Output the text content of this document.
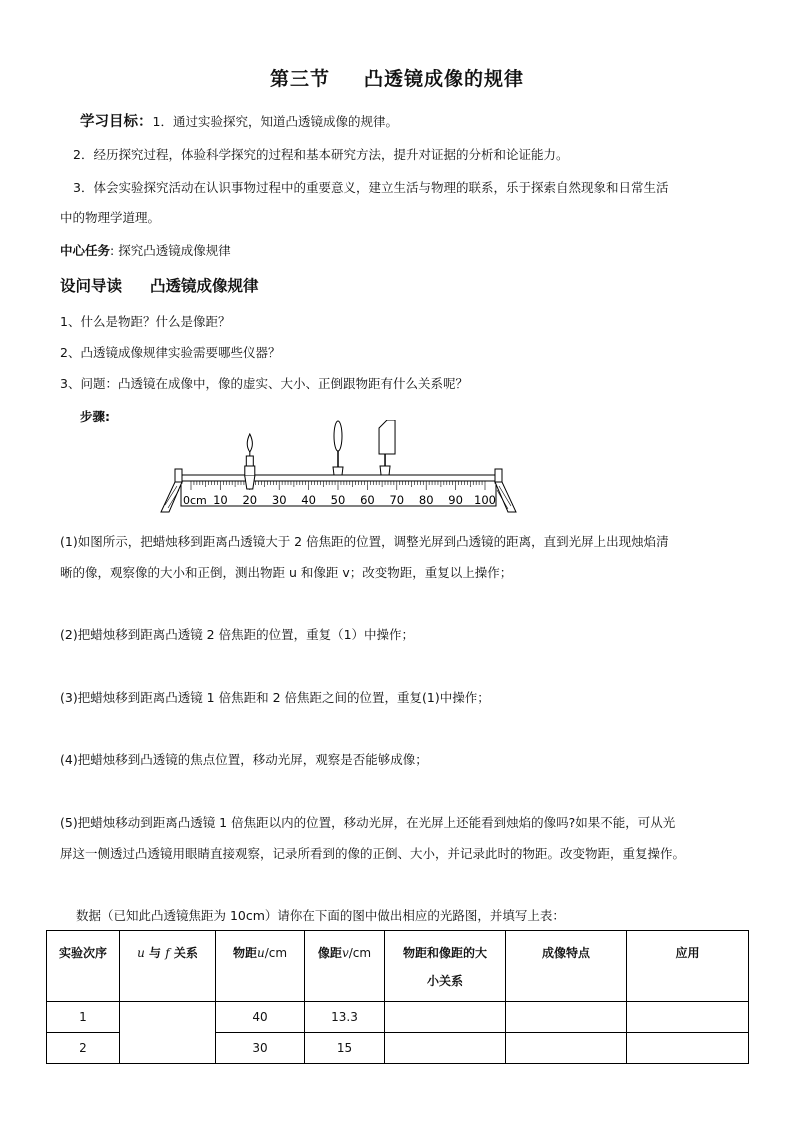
第三节 凸透镜成像的规律
学习目标：1．通过实验探究，知道凸透镜成像的规律。
2．经历探究过程，体验科学探究的过程和基本研究方法，提升对证据的分析和论证能力。
3．体会实验探究活动在认识事物过程中的重要意义，建立生活与物理的联系，乐于探索自然现象和日常生活
中的物理学道理。
中心任务: 探究凸透镜成像规律
设问导读 凸透镜成像规律
1、什么是物距？什么是像距？
2、凸透镜成像规律实验需要哪些仪器？
3、问题：凸透镜在成像中，像的虚实、大小、正倒跟物距有什么关系呢？
步骤:
0cm 10 20 30 40 50 60 70 80 90 100
(1)如图所示，把蜡烛移到距离凸透镜大于 2 倍焦距的位置，调整光屏到凸透镜的距离，直到光屏上出现烛焰清
晰的像，观察像的大小和正倒，测出物距 u 和像距 v；改变物距，重复以上操作；
(2)把蜡烛移到距离凸透镜 2 倍焦距的位置，重复（1）中操作；
(3)把蜡烛移到距离凸透镜 1 倍焦距和 2 倍焦距之间的位置，重复(1)中操作；
(4)把蜡烛移到凸透镜的焦点位置，移动光屏，观察是否能够成像；
(5)把蜡烛移动到距离凸透镜 1 倍焦距以内的位置，移动光屏，在光屏上还能看到烛焰的像吗?如果不能，可从光
屏这一侧透过凸透镜用眼睛直接观察，记录所看到的像的正倒、大小，并记录此时的物距。改变物距，重复操作。
数据（已知此凸透镜焦距为 10cm）请你在下面的图中做出相应的光路图，并填写上表：
实验次序	u 与 f 关系	物距u/cm	像距v/cm	物距和像距的大
小关系	成像特点	应用
1		40	13.3			
2		30	15			
